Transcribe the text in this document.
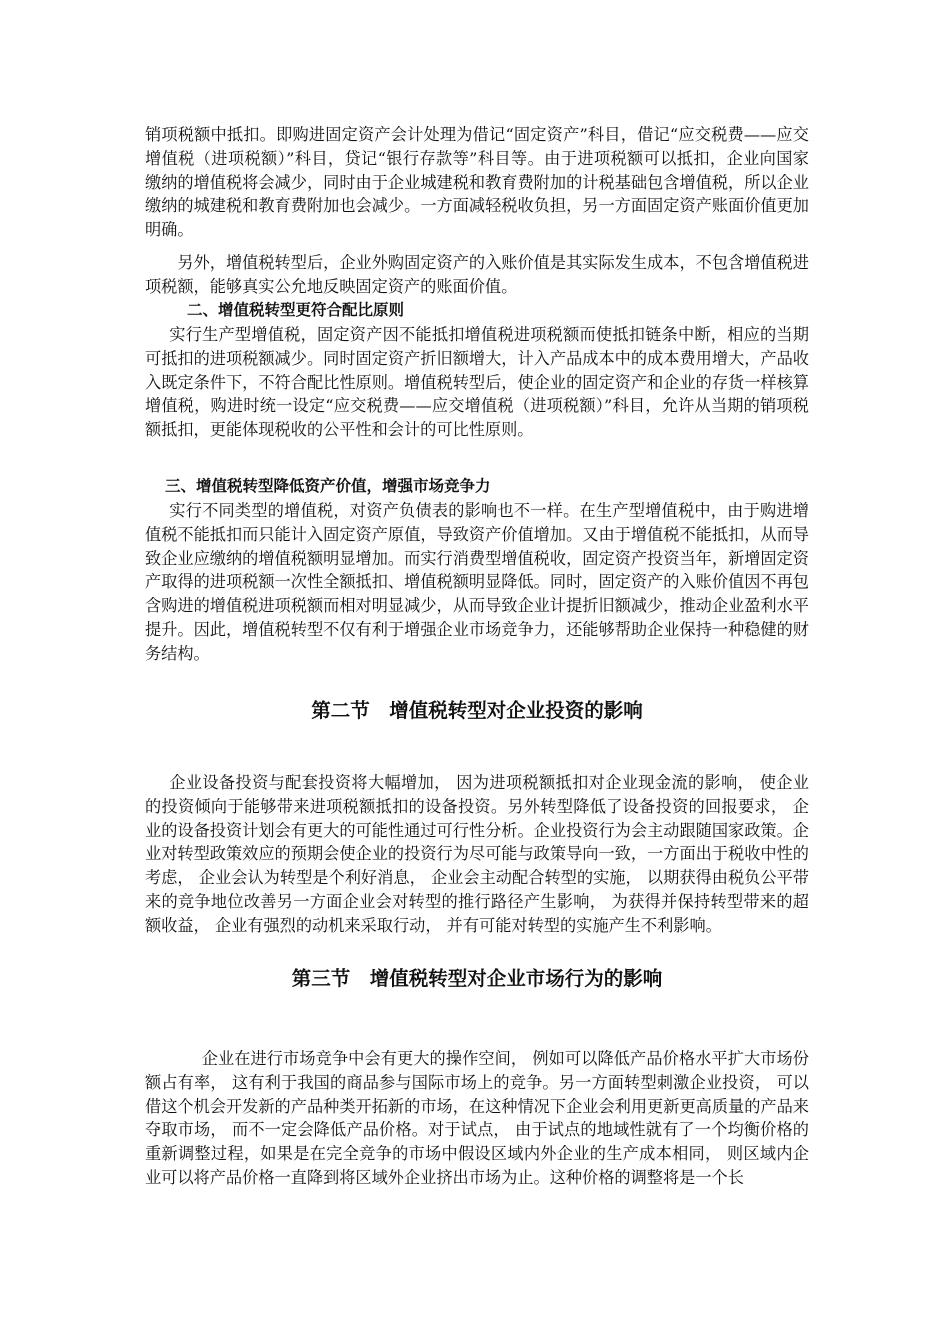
销项税额中抵扣。即购进固定资产会计处理为借记“固定资产”科目，借记“应交税费——应交增值税（进项税额）”科目，贷记“银行存款等”科目等。由于进项税额可以抵扣，企业向国家缴纳的增值税将会减少，同时由于企业城建税和教育费附加的计税基础包含增值税，所以企业缴纳的城建税和教育费附加也会减少。一方面减轻税收负担，另一方面固定资产账面价值更加明确。

另外，增值税转型后，企业外购固定资产的入账价值是其实际发生成本，不包含增值税进项税额，能够真实公允地反映固定资产的账面价值。

二、增值税转型更符合配比原则

实行生产型增值税，固定资产因不能抵扣增值税进项税额而使抵扣链条中断，相应的当期可抵扣的进项税额减少。同时固定资产折旧额增大，计入产品成本中的成本费用增大，产品收入既定条件下，不符合配比性原则。增值税转型后，使企业的固定资产和企业的存货一样核算增值税，购进时统一设定“应交税费——应交增值税（进项税额）”科目，允许从当期的销项税额抵扣，更能体现税收的公平性和会计的可比性原则。

三、增值税转型降低资产价值，增强市场竞争力

实行不同类型的增值税，对资产负债表的影响也不一样。在生产型增值税中，由于购进增值税不能抵扣而只能计入固定资产原值，导致资产价值增加。又由于增值税不能抵扣，从而导致企业应缴纳的增值税额明显增加。而实行消费型增值税收，固定资产投资当年，新增固定资产取得的进项税额一次性全额抵扣、增值税额明显降低。同时，固定资产的入账价值因不再包含购进的增值税进项税额而相对明显减少，从而导致企业计提折旧额减少，推动企业盈利水平提升。因此，增值税转型不仅有利于增强企业市场竞争力，还能够帮助企业保持一种稳健的财务结构。

第二节　增值税转型对企业投资的影响

企业设备投资与配套投资将大幅增加， 因为进项税额抵扣对企业现金流的影响， 使企业的投资倾向于能够带来进项税额抵扣的设备投资。另外转型降低了设备投资的回报要求， 企业的设备投资计划会有更大的可能性通过可行性分析。企业投资行为会主动跟随国家政策。企业对转型政策效应的预期会使企业的投资行为尽可能与政策导向一致，一方面出于税收中性的考虑， 企业会认为转型是个利好消息， 企业会主动配合转型的实施， 以期获得由税负公平带来的竞争地位改善另一方面企业会对转型的推行路径产生影响， 为获得并保持转型带来的超额收益， 企业有强烈的动机来采取行动， 并有可能对转型的实施产生不利影响。

第三节　增值税转型对企业市场行为的影响

企业在进行市场竞争中会有更大的操作空间， 例如可以降低产品价格水平扩大市场份额占有率， 这有利于我国的商品参与国际市场上的竞争。另一方面转型刺激企业投资， 可以借这个机会开发新的产品种类开拓新的市场，在这种情况下企业会利用更新更高质量的产品来夺取市场， 而不一定会降低产品价格。对于试点， 由于试点的地域性就有了一个均衡价格的重新调整过程，如果是在完全竞争的市场中假设区域内外企业的生产成本相同， 则区域内企业可以将产品价格一直降到将区域外企业挤出市场为止。这种价格的调整将是一个长
